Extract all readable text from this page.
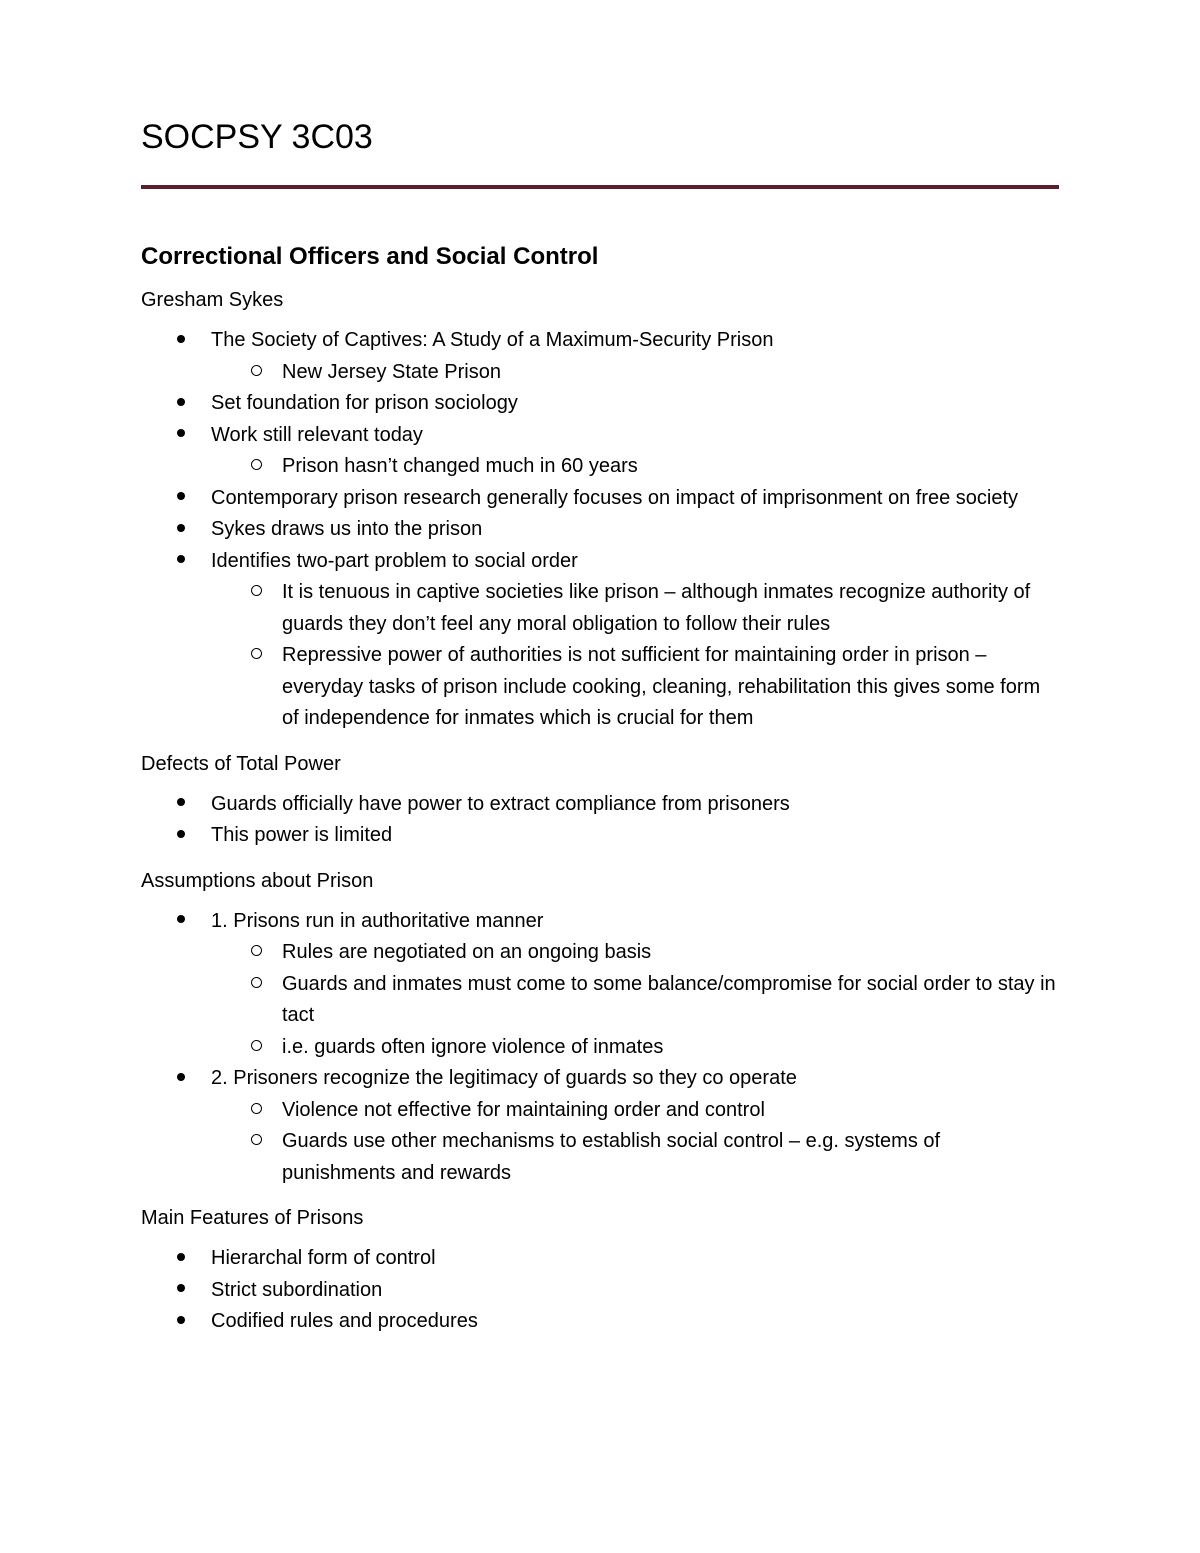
SOCPSY 3C03
Correctional Officers and Social Control
Gresham Sykes
The Society of Captives: A Study of a Maximum-Security Prison
New Jersey State Prison
Set foundation for prison sociology
Work still relevant today
Prison hasn’t changed much in 60 years
Contemporary prison research generally focuses on impact of imprisonment on free society
Sykes draws us into the prison
Identifies two-part problem to social order
It is tenuous in captive societies like prison – although inmates recognize authority of guards they don’t feel any moral obligation to follow their rules
Repressive power of authorities is not sufficient for maintaining order in prison – everyday tasks of prison include cooking, cleaning, rehabilitation this gives some form of independence for inmates which is crucial for them
Defects of Total Power
Guards officially have power to extract compliance from prisoners
This power is limited
Assumptions about Prison
1. Prisons run in authoritative manner
Rules are negotiated on an ongoing basis
Guards and inmates must come to some balance/compromise for social order to stay in tact
i.e. guards often ignore violence of inmates
2. Prisoners recognize the legitimacy of guards so they co operate
Violence not effective for maintaining order and control
Guards use other mechanisms to establish social control – e.g. systems of punishments and rewards
Main Features of Prisons
Hierarchal form of control
Strict subordination
Codified rules and procedures
